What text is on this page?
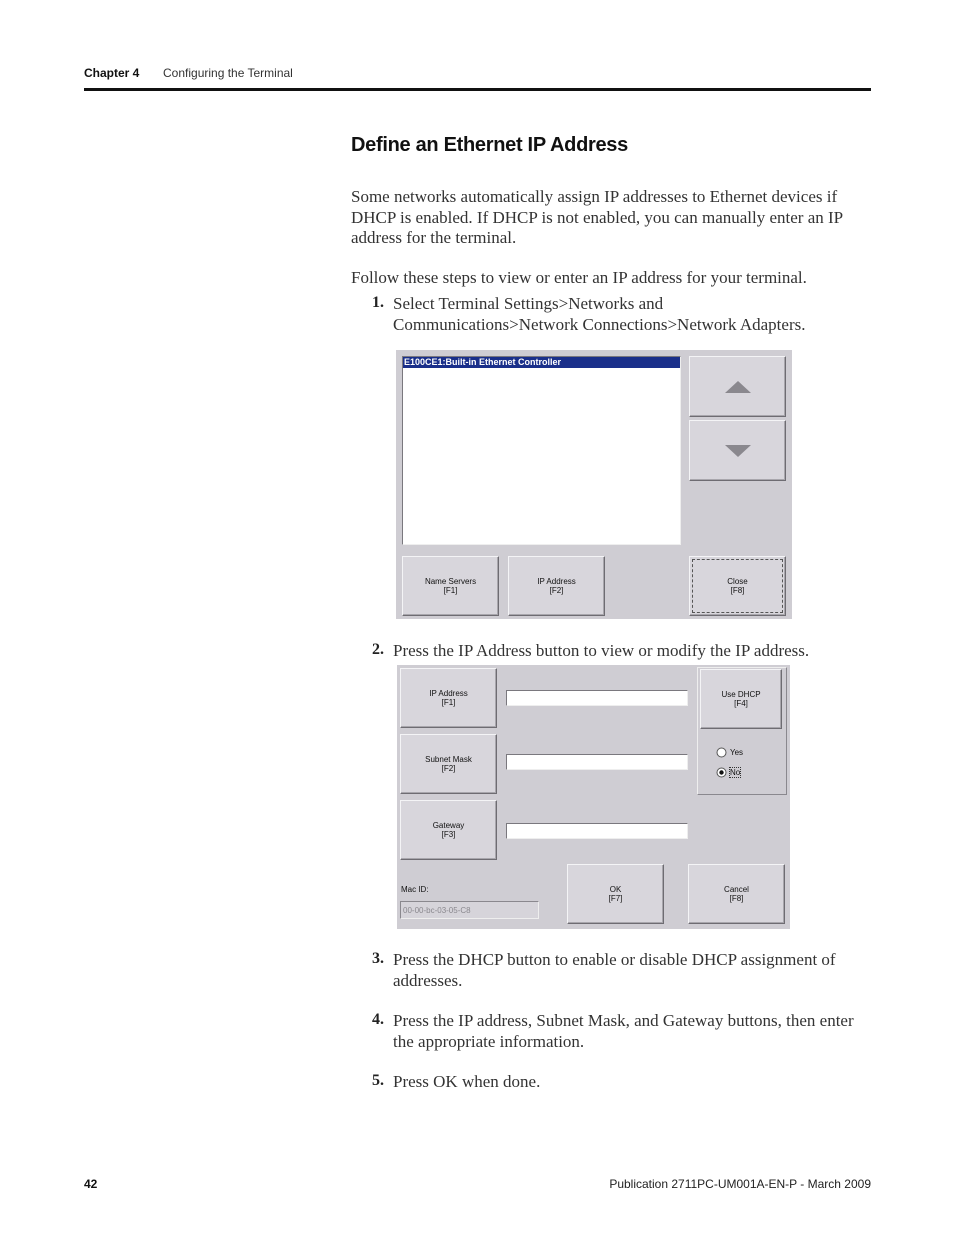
Chapter 4 Configuring the Terminal
Define an Ethernet IP Address
Some networks automatically assign IP addresses to Ethernet devices if DHCP is enabled. If DHCP is not enabled, you can manually enter an IP address for the terminal.
Follow these steps to view or enter an IP address for your terminal.
1. Select Terminal Settings>Networks and Communications>Network Connections>Network Adapters.
E100CE1:Built-in Ethernet Controller
Name Servers
[F1]
IP Address
[F2]
Close
[F8]
2. Press the IP Address button to view or modify the IP address.
IP Address
[F1]
Subnet Mask
[F2]
Gateway
[F3]
Use DHCP
[F4]
Yes
No
Mac ID:
00-00-bc-03-05-C8
OK
[F7]
Cancel
[F8]
3. Press the DHCP button to enable or disable DHCP assignment of addresses.
4. Press the IP address, Subnet Mask, and Gateway buttons, then enter the appropriate information.
5. Press OK when done.
42	Publication 2711PC-UM001A-EN-P - March 2009
